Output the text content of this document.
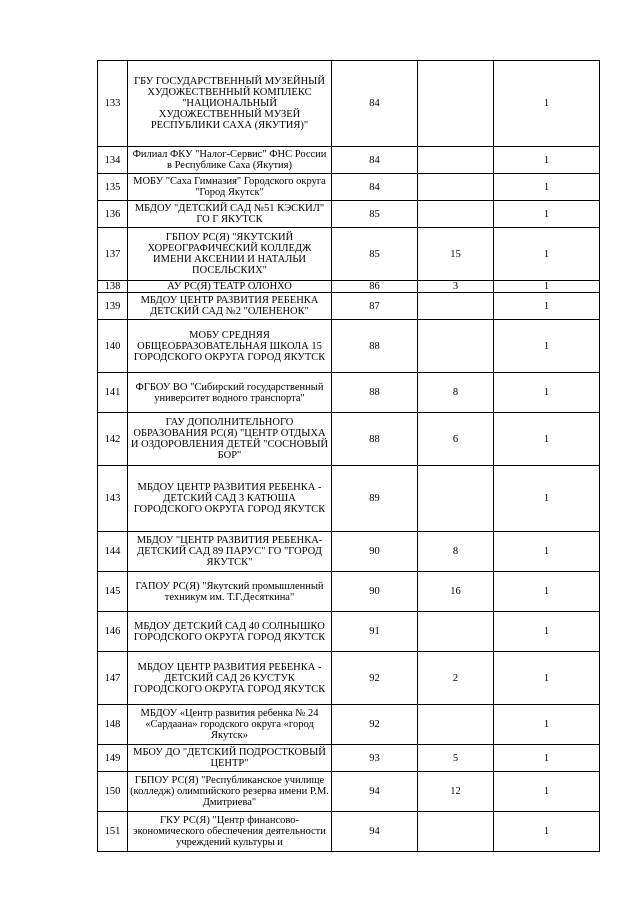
133	ГБУ ГОСУДАРСТВЕННЫЙ МУЗЕЙНЫЙ ХУДОЖЕСТВЕННЫЙ КОМПЛЕКС "НАЦИОНАЛЬНЫЙ ХУДОЖЕСТВЕННЫЙ МУЗЕЙ РЕСПУБЛИКИ САХА (ЯКУТИЯ)"	84		1
134	Филиал ФКУ "Налог-Сервис" ФНС России в Республике Саха (Якутия)	84		1
135	МОБУ "Саха Гимназия" Городского округа "Город Якутск"	84		1
136	МБДОУ "ДЕТСКИЙ САД №51 КЭСКИЛ" ГО Г ЯКУТСК	85		1
137	ГБПОУ РС(Я) "ЯКУТСКИЙ ХОРЕОГРАФИЧЕСКИЙ КОЛЛЕДЖ ИМЕНИ АКСЕНИИ И НАТАЛЬИ ПОСЕЛЬСКИХ"	85	15	1
138	АУ РС(Я) ТЕАТР ОЛОНХО	86	3	1
139	МБДОУ ЦЕНТР РАЗВИТИЯ РЕБЕНКА ДЕТСКИЙ САД №2 "ОЛЕНЕНОК"	87		1
140	МОБУ СРЕДНЯЯ ОБЩЕОБРАЗОВАТЕЛЬНАЯ ШКОЛА 15 ГОРОДСКОГО ОКРУГА ГОРОД ЯКУТСК	88		1
141	ФГБОУ ВО "Сибирский государственный университет водного транспорта"	88	8	1
142	ГАУ ДОПОЛНИТЕЛЬНОГО ОБРАЗОВАНИЯ РС(Я) "ЦЕНТР ОТДЫХА И ОЗДОРОВЛЕНИЯ ДЕТЕЙ "СОСНОВЫЙ БОР"	88	6	1
143	МБДОУ ЦЕНТР РАЗВИТИЯ РЕБЕНКА - ДЕТСКИЙ САД 3 КАТЮША ГОРОДСКОГО ОКРУГА ГОРОД ЯКУТСК	89		1
144	МБДОУ "ЦЕНТР РАЗВИТИЯ РЕБЕНКА-ДЕТСКИЙ САД 89 ПАРУС" ГО "ГОРОД ЯКУТСК"	90	8	1
145	ГАПОУ РС(Я) "Якутский промышленный техникум им. Т.Г.Десяткина"	90	16	1
146	МБДОУ ДЕТСКИЙ САД 40 СОЛНЫШКО ГОРОДСКОГО ОКРУГА ГОРОД ЯКУТСК	91		1
147	МБДОУ ЦЕНТР РАЗВИТИЯ РЕБЕНКА - ДЕТСКИЙ САД 26 КУСТУК ГОРОДСКОГО ОКРУГА ГОРОД ЯКУТСК	92	2	1
148	МБДОУ «Центр развития ребенка № 24 «Сардаана» городского округа «город Якутск»	92		1
149	МБОУ ДО "ДЕТСКИЙ ПОДРОСТКОВЫЙ ЦЕНТР"	93	5	1
150	ГБПОУ РС(Я) "Республиканское училище (колледж) олимпийского резерва имени Р.М. Дмитриева"	94	12	1
151	ГКУ РС(Я) "Центр финансово-экономического обеспечения деятельности учреждений культуры и	94		1
